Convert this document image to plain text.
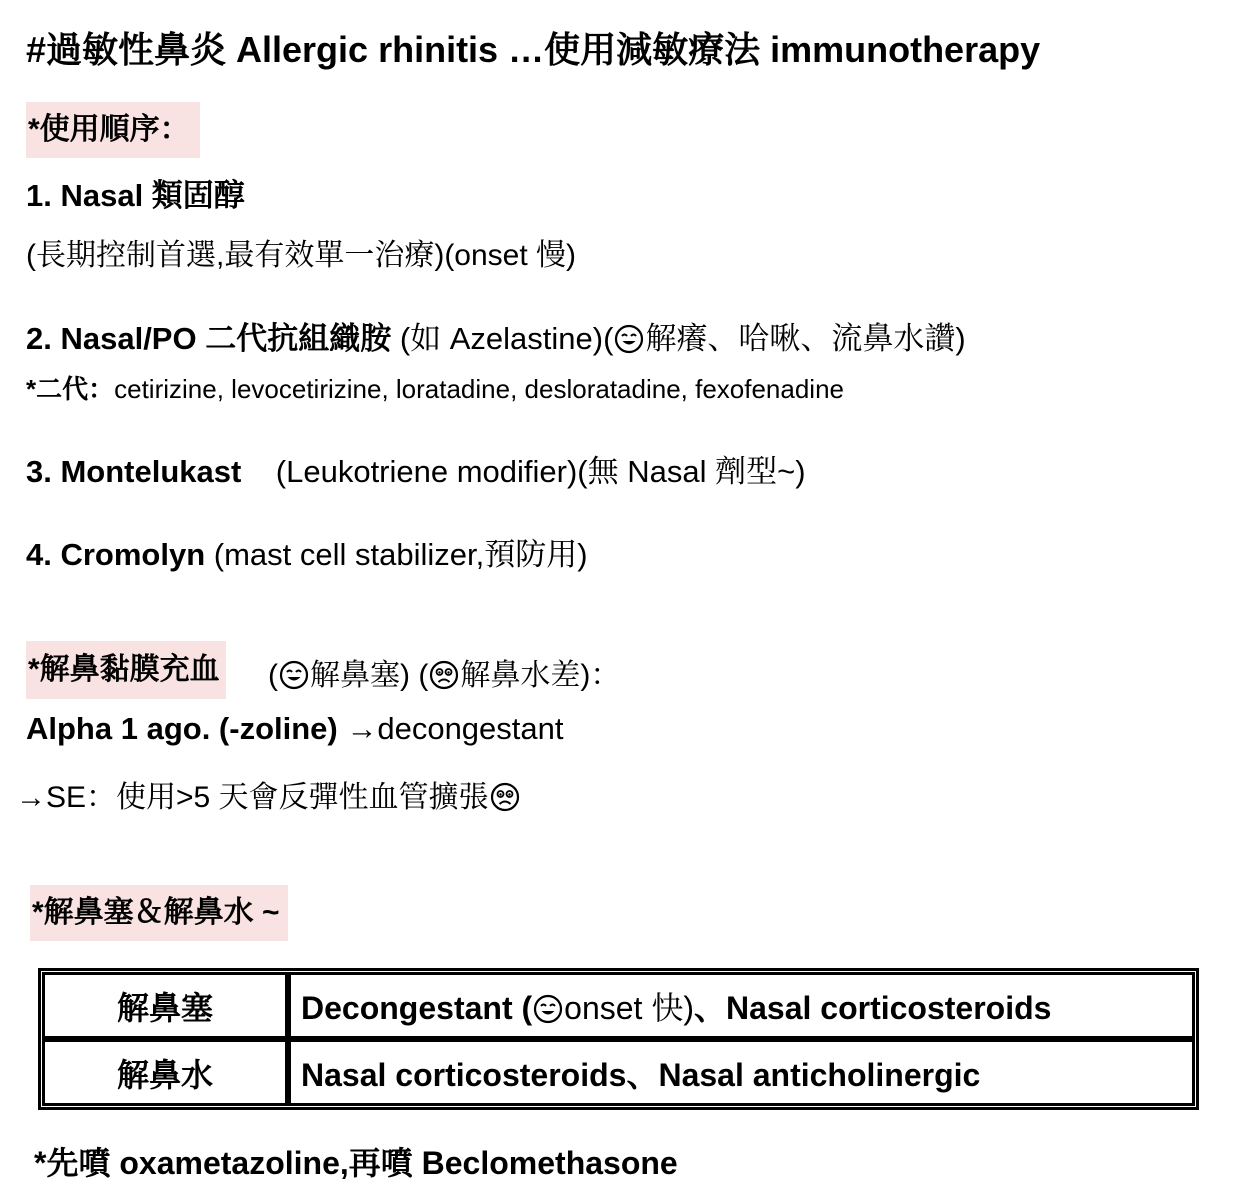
#過敏性鼻炎 Allergic rhinitis …使用減敏療法 immunotherapy
*使用順序：
1. Nasal 類固醇
(長期控制首選,最有效單一治療)(onset 慢)
2. Nasal/PO 二代抗組織胺 (如 Azelastine)( 解癢、哈啾、流鼻水讚)
*二代：cetirizine, levocetirizine, loratadine, desloratadine, fexofenadine
3. Montelukast    (Leukotriene modifier)(無 Nasal 劑型~)
4. Cromolyn (mast cell stabilizer,預防用)
*解鼻黏膜充血 ( 解鼻塞) ( 解鼻水差)：
Alpha 1 ago. (-zoline) →decongestant
→SE：使用>5 天會反彈性血管擴張
*解鼻塞＆解鼻水 ~
解鼻塞	Decongestant ( onset 快)、Nasal corticosteroids
解鼻水	Nasal corticosteroids、Nasal anticholinergic
*先噴 oxametazoline,再噴 Beclomethasone
